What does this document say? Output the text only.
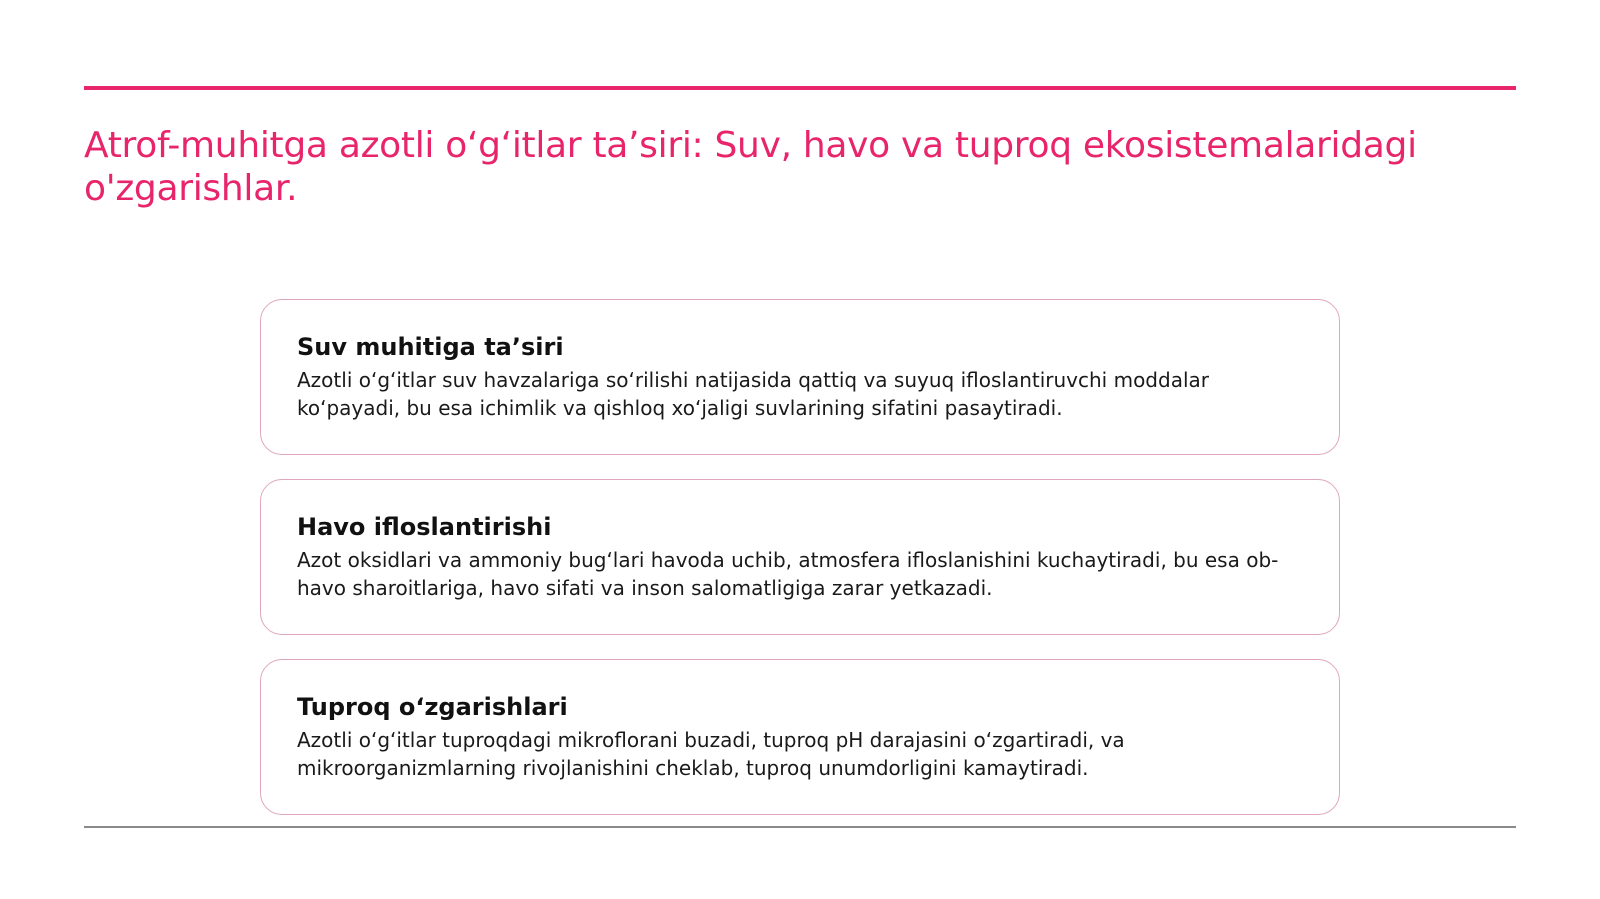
Atrof-muhitga azotli o‘g‘itlar ta’siri: Suv, havo va tuproq ekosistemalaridagi o'zgarishlar.
Suv muhitiga ta’siri

Azotli o‘g‘itlar suv havzalariga so‘rilishi natijasida qattiq va suyuq ifloslantiruvchi moddalar ko‘payadi, bu esa ichimlik va qishloq xo‘jaligi suvlarining sifatini pasaytiradi.

Havo ifloslantirishi

Azot oksidlari va ammoniy bug‘lari havoda uchib, atmosfera ifloslanishini kuchaytiradi, bu esa ob-havo sharoitlariga, havo sifati va inson salomatligiga zarar yetkazadi.

Tuproq o‘zgarishlari

Azotli o‘g‘itlar tuproqdagi mikroflorani buzadi, tuproq pH darajasini o‘zgartiradi, va mikroorganizmlarning rivojlanishini cheklab, tuproq unumdorligini kamaytiradi.
